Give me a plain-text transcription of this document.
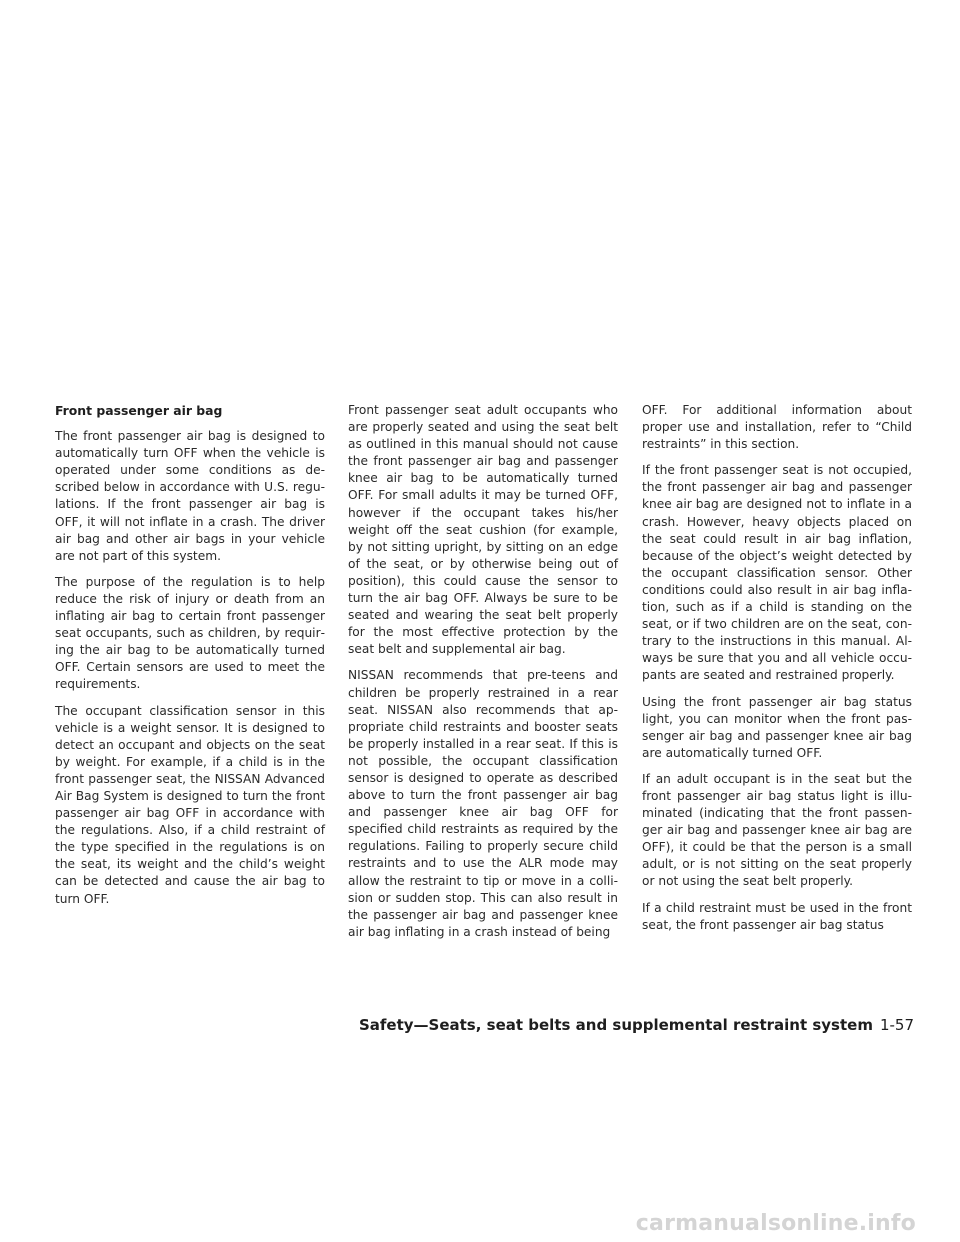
Front passenger air bag

The front passenger air bag is designed to automatically turn OFF when the vehicle is operated under some conditions as described below in accordance with U.S. regulations. If the front passenger air bag is OFF, it will not inflate in a crash. The driver air bag and other air bags in your vehicle are not part of this system.

The purpose of the regulation is to help reduce the risk of injury or death from an inflating air bag to certain front passenger seat occupants, such as children, by requiring the air bag to be automatically turned OFF. Certain sensors are used to meet the requirements.

The occupant classification sensor in this vehicle is a weight sensor. It is designed to detect an occupant and objects on the seat by weight. For example, if a child is in the front passenger seat, the NISSAN Advanced Air Bag System is designed to turn the front passenger air bag OFF in accordance with the regulations. Also, if a child restraint of the type specified in the regulations is on the seat, its weight and the child’s weight can be detected and cause the air bag to turn OFF.

Front passenger seat adult occupants who are properly seated and using the seat belt as outlined in this manual should not cause the front passenger air bag and passenger knee air bag to be automatically turned OFF. For small adults it may be turned OFF, however if the occupant takes his/her weight off the seat cushion (for example, by not sitting upright, by sitting on an edge of the seat, or by otherwise being out of position), this could cause the sensor to turn the air bag OFF. Always be sure to be seated and wearing the seat belt properly for the most effective protection by the seat belt and supplemental air bag.

NISSAN recommends that pre-teens and children be properly restrained in a rear seat. NISSAN also recommends that appropriate child restraints and booster seats be properly installed in a rear seat. If this is not possible, the occupant classification sensor is designed to operate as described above to turn the front passenger air bag and passenger knee air bag OFF for specified child restraints as required by the regulations. Failing to properly secure child restraints and to use the ALR mode may allow the restraint to tip or move in a collision or sudden stop. This can also result in the passenger air bag and passenger knee air bag inflating in a crash instead of being

OFF. For additional information about proper use and installation, refer to “Child restraints” in this section.

If the front passenger seat is not occupied, the front passenger air bag and passenger knee air bag are designed not to inflate in a crash. However, heavy objects placed on the seat could result in air bag inflation, because of the object’s weight detected by the occupant classification sensor. Other conditions could also result in air bag inflation, such as if a child is standing on the seat, or if two children are on the seat, contrary to the instructions in this manual. Always be sure that you and all vehicle occupants are seated and restrained properly.

Using the front passenger air bag status light, you can monitor when the front passenger air bag and passenger knee air bag are automatically turned OFF.

If an adult occupant is in the seat but the front passenger air bag status light is illuminated (indicating that the front passenger air bag and passenger knee air bag are OFF), it could be that the person is a small adult, or is not sitting on the seat properly or not using the seat belt properly.

If a child restraint must be used in the front seat, the front passenger air bag status

Safety—Seats, seat belts and supplemental restraint system 1-57
carmanualsonline.info
